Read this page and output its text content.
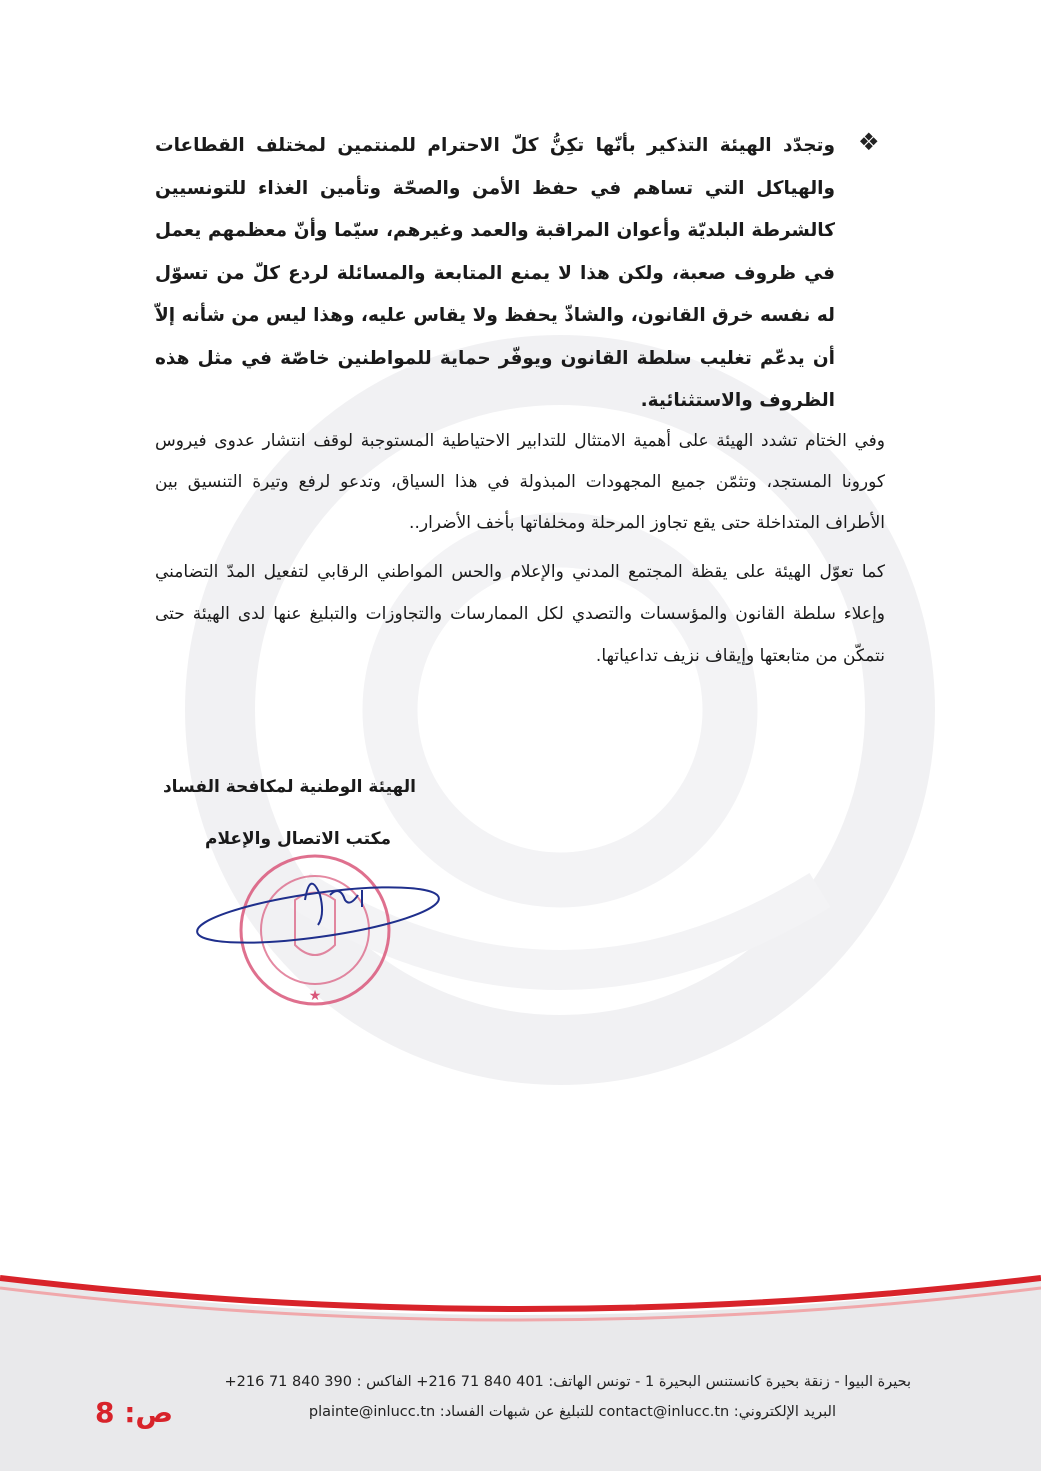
❖
وتجدّد الهيئة التذكير بأنّها تكِنُّ كلّ الاحترام للمنتمين لمختلف القطاعات والهياكل التي تساهم في حفظ الأمن والصحّة وتأمين الغذاء للتونسيين كالشرطة البلديّة وأعوان المراقبة والعمد وغيرهم، سيّما وأنّ معظمهم يعمل في ظروف صعبة، ولكن هذا لا يمنع المتابعة والمسائلة لردع كلّ من تسوّل له نفسه خرق القانون، والشاذّ يحفظ ولا يقاس عليه، وهذا ليس من شأنه إلاّ أن يدعّم تغليب سلطة القانون ويوفّر حماية للمواطنين خاصّة في مثل هذه الظروف والاستثنائية.
وفي الختام تشدد الهيئة على أهمية الامتثال للتدابير الاحتياطية المستوجبة لوقف انتشار عدوى فيروس كورونا المستجد، وتثمّن جميع المجهودات المبذولة في هذا السياق، وتدعو لرفع وتيرة التنسيق بين الأطراف المتداخلة حتى يقع تجاوز المرحلة ومخلفاتها بأخف الأضرار..
كما تعوّل الهيئة على يقظة المجتمع المدني والإعلام والحس المواطني الرقابي لتفعيل المدّ التضامني وإعلاء سلطة القانون والمؤسسات والتصدي لكل الممارسات والتجاوزات والتبليغ عنها لدى الهيئة حتى نتمكّن من متابعتها وإيقاف نزيف تداعياتها.
الهيئة الوطنية لمكافحة الفساد
مكتب الاتصال والإعلام
★
بحيرة البيوا - زنقة بحيرة كانستنس البحيرة 1 - تونس الهاتف: 401 840 71 216+ الفاكس : 390 840 71 216+
البريد الإلكتروني: contact@inlucc.tn للتبليغ عن شبهات الفساد: plainte@inlucc.tn
ص: 8
